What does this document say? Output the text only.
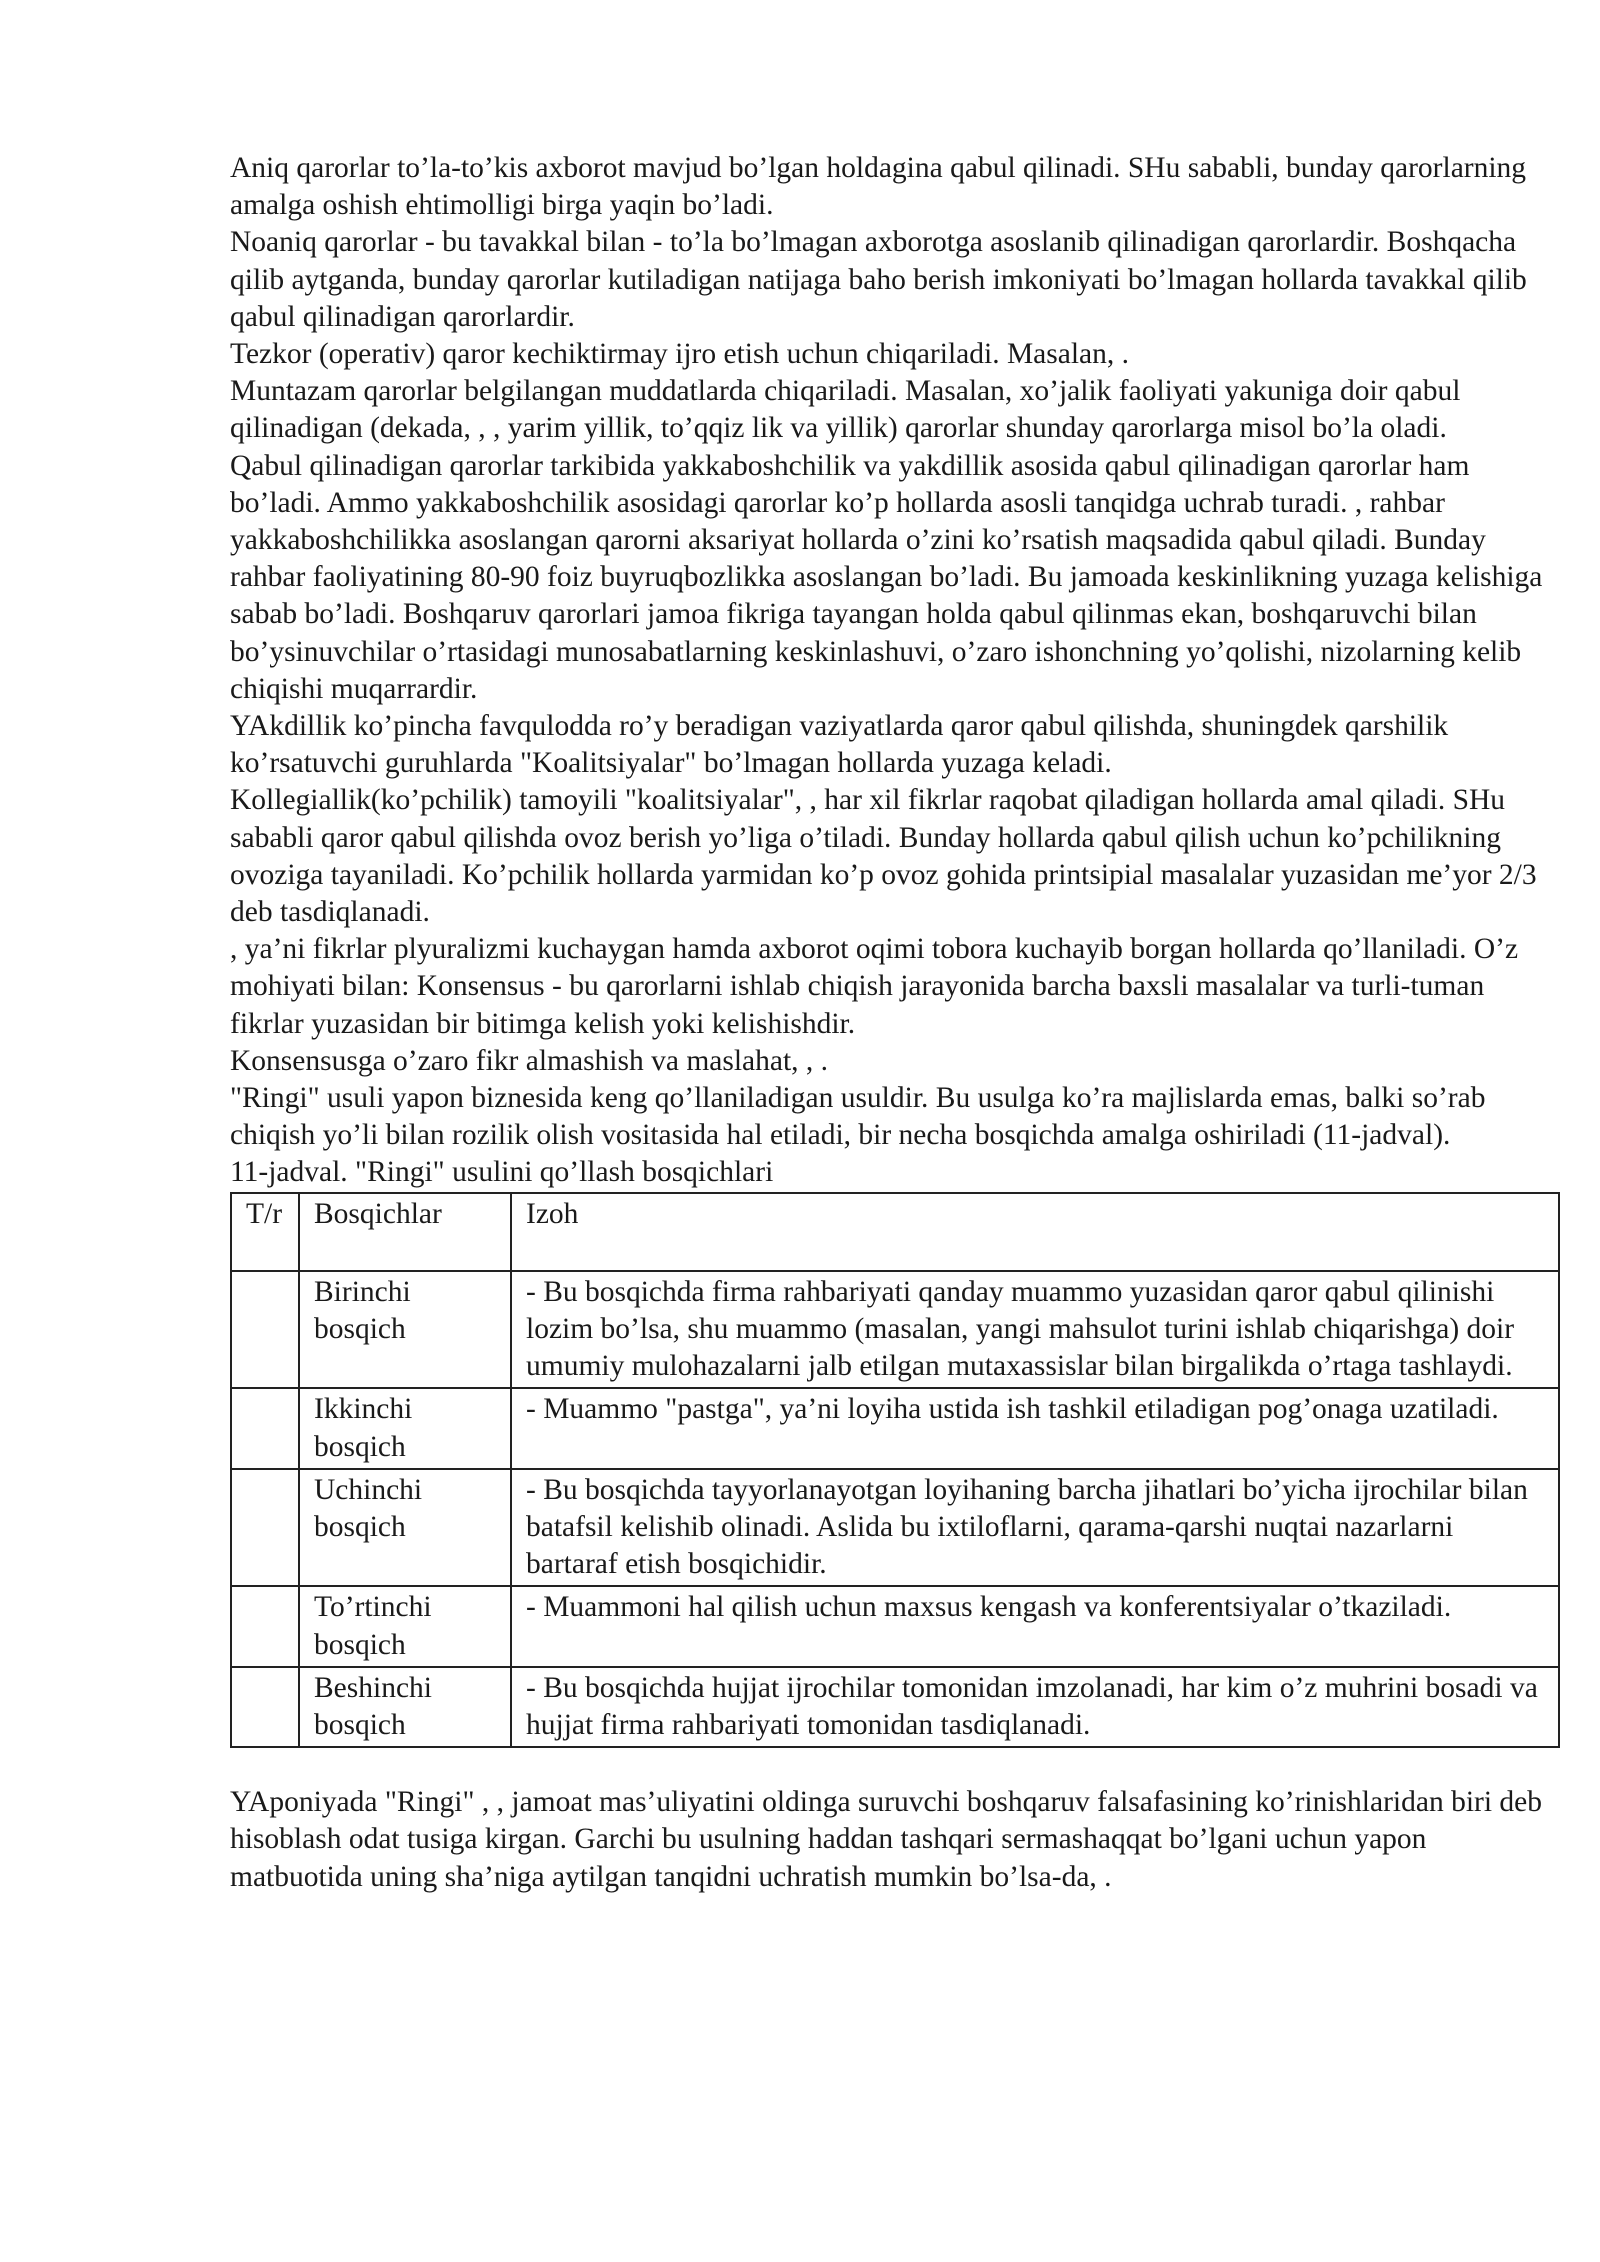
Aniq qarorlar to’la-to’kis axborot mavjud bo’lgan holdagina qabul qilinadi. SHu sababli, bunday qarorlarning amalga oshish ehtimolligi birga yaqin bo’ladi.

Noaniq qarorlar - bu tavakkal bilan - to’la bo’lmagan axborotga asoslanib qilinadigan qarorlardir. Boshqacha qilib aytganda, bunday qarorlar kutiladigan natijaga baho berish imkoniyati bo’lmagan hollarda tavakkal qilib qabul qilinadigan qarorlardir.

Tezkor (operativ) qaror kechiktirmay ijro etish uchun chiqariladi. Masalan, .

Muntazam qarorlar belgilangan muddatlarda chiqariladi. Masalan, xo’jalik faoliyati yakuniga doir qabul qilinadigan (dekada, , , yarim yillik, to’qqiz lik va yillik) qarorlar shunday qarorlarga misol bo’la oladi.

Qabul qilinadigan qarorlar tarkibida yakkaboshchilik va yakdillik asosida qabul qilinadigan qarorlar ham bo’ladi. Ammo yakkaboshchilik asosidagi qarorlar ko’p hollarda asosli tanqidga uchrab turadi. , rahbar yakkaboshchilikka asoslangan qarorni aksariyat hollarda o’zini ko’rsatish maqsadida qabul qiladi. Bunday rahbar faoliyatining 80-90 foiz buyruqbozlikka asoslangan bo’ladi. Bu jamoada keskinlikning yuzaga kelishiga sabab bo’ladi. Boshqaruv qarorlari jamoa fikriga tayangan holda qabul qilinmas ekan, boshqaruvchi bilan bo’ysinuvchilar o’rtasidagi munosabatlarning keskinlashuvi, o’zaro ishonchning yo’qolishi, nizolarning kelib chiqishi muqarrardir.

YAkdillik ko’pincha favqulodda ro’y beradigan vaziyatlarda qaror qabul qilishda, shuningdek qarshilik ko’rsatuvchi guruhlarda "Koalitsiyalar" bo’lmagan hollarda yuzaga keladi.

Kollegiallik(ko’pchilik) tamoyili "koalitsiyalar", , har xil fikrlar raqobat qiladigan hollarda amal qiladi. SHu sababli qaror qabul qilishda ovoz berish yo’liga o’tiladi. Bunday hollarda qabul qilish uchun ko’pchilikning ovoziga tayaniladi. Ko’pchilik hollarda yarmidan ko’p ovoz gohida printsipial masalalar yuzasidan me’yor 2/3 deb tasdiqlanadi.

, ya’ni fikrlar plyuralizmi kuchaygan hamda axborot oqimi tobora kuchayib borgan hollarda qo’llaniladi. O’z mohiyati bilan: Konsensus - bu qarorlarni ishlab chiqish jarayonida barcha baxsli masalalar va turli-tuman fikrlar yuzasidan bir bitimga kelish yoki kelishishdir.

Konsensusga o’zaro fikr almashish va maslahat, , .

"Ringi" usuli yapon biznesida keng qo’llaniladigan usuldir. Bu usulga ko’ra majlislarda emas, balki so’rab chiqish yo’li bilan rozilik olish vositasida hal etiladi, bir necha bosqichda amalga oshiriladi (11-jadval).

11-jadval. "Ringi" usulini qo’llash bosqichlari

T/r	Bosqichlar	Izoh
	Birinchi bosqich	- Bu bosqichda firma rahbariyati qanday muammo yuzasidan qaror qabul qilinishi lozim bo’lsa, shu muammo (masalan, yangi mahsulot turini ishlab chiqarishga) doir umumiy mulohazalarni jalb etilgan mutaxassislar bilan birgalikda o’rtaga tashlaydi.
	Ikkinchi bosqich	- Muammo "pastga", ya’ni loyiha ustida ish tashkil etiladigan pog’onaga uzatiladi.
	Uchinchi bosqich	- Bu bosqichda tayyorlanayotgan loyihaning barcha jihatlari bo’yicha ijrochilar bilan batafsil kelishib olinadi. Aslida bu ixtiloflarni, qarama-qarshi nuqtai nazarlarni bartaraf etish bosqichidir.
	To’rtinchi bosqich	- Muammoni hal qilish uchun maxsus kengash va konferentsiyalar o’tkaziladi.
	Beshinchi bosqich	- Bu bosqichda hujjat ijrochilar tomonidan imzolanadi, har kim o’z muhrini bosadi va hujjat firma rahbariyati tomonidan tasdiqlanadi.

YAponiyada "Ringi" , , jamoat mas’uliyatini oldinga suruvchi boshqaruv falsafasining ko’rinishlaridan biri deb hisoblash odat tusiga kirgan. Garchi bu usulning haddan tashqari sermashaqqat bo’lgani uchun yapon matbuotida uning sha’niga aytilgan tanqidni uchratish mumkin bo’lsa-da, .
